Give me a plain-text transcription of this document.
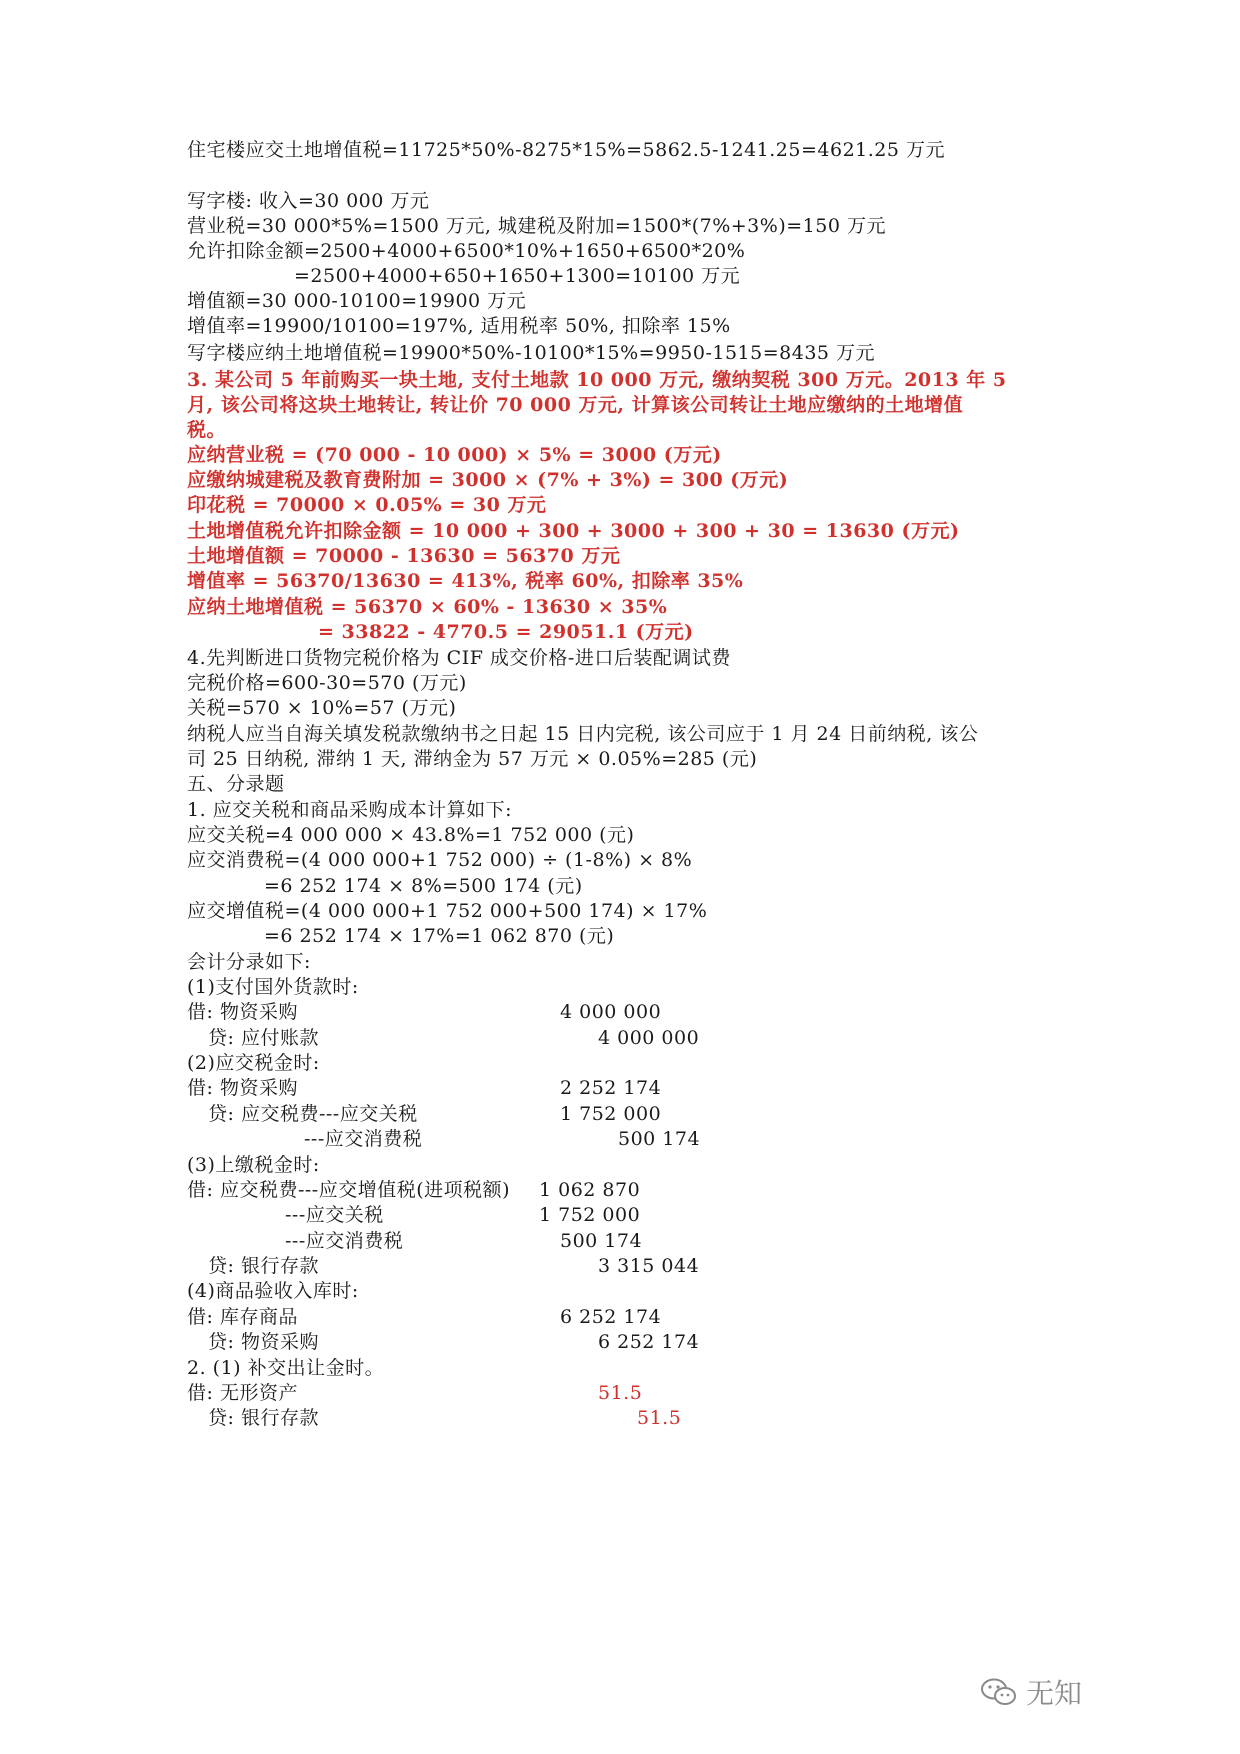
住宅楼应交土地增值税=11725*50%-8275*15%=5862.5-1241.25=4621.25 万元
写字楼: 收入=30 000 万元
营业税=30 000*5%=1500 万元, 城建税及附加=1500*(7%+3%)=150 万元
允许扣除金额=2500+4000+6500*10%+1650+6500*20%
=2500+4000+650+1650+1300=10100 万元
增值额=30 000-10100=19900 万元
增值率=19900/10100=197%, 适用税率 50%, 扣除率 15%
写字楼应纳土地增值税=19900*50%-10100*15%=9950-1515=8435 万元
3. 某公司 5 年前购买一块土地, 支付土地款 10 000 万元, 缴纳契税 300 万元。2013 年 5
月, 该公司将这块土地转让, 转让价 70 000 万元, 计算该公司转让土地应缴纳的土地增值
税。
应纳营业税 = (70 000 - 10 000) × 5% = 3000 (万元)
应缴纳城建税及教育费附加 = 3000 × (7% + 3%) = 300 (万元)
印花税 = 70000 × 0.05% = 30 万元
土地增值税允许扣除金额 = 10 000 + 300 + 3000 + 300 + 30 = 13630 (万元)
土地增值额 = 70000 - 13630 = 56370 万元
增值率 = 56370/13630 = 413%, 税率 60%, 扣除率 35%
应纳土地增值税 = 56370 × 60% - 13630 × 35%
= 33822 - 4770.5 = 29051.1 (万元)
4.先判断进口货物完税价格为 CIF 成交价格-进口后装配调试费
完税价格=600-30=570 (万元)
关税=570 × 10%=57 (万元)
纳税人应当自海关填发税款缴纳书之日起 15 日内完税, 该公司应于 1 月 24 日前纳税, 该公
司 25 日纳税, 滞纳 1 天, 滞纳金为 57 万元 × 0.05%=285 (元)
五、分录题
1. 应交关税和商品采购成本计算如下:
应交关税=4 000 000 × 43.8%=1 752 000 (元)
应交消费税=(4 000 000+1 752 000) ÷ (1-8%) × 8%
=6 252 174 × 8%=500 174 (元)
应交增值税=(4 000 000+1 752 000+500 174) × 17%
=6 252 174 × 17%=1 062 870 (元)
会计分录如下:
(1)支付国外货款时:
借: 物资采购	4 000 000
贷: 应付账款	4 000 000
(2)应交税金时:
借: 物资采购	2 252 174
贷: 应交税费---应交关税	1 752 000
---应交消费税	500 174
(3)上缴税金时:
借: 应交税费---应交增值税(进项税额) 1 062 870
---应交关税	1 752 000
---应交消费税	500 174
贷: 银行存款	3 315 044
(4)商品验收入库时:
借: 库存商品	6 252 174
贷: 物资采购	6 252 174
2. (1) 补交出让金时。
借: 无形资产	51.5
贷: 银行存款	51.5
无知
